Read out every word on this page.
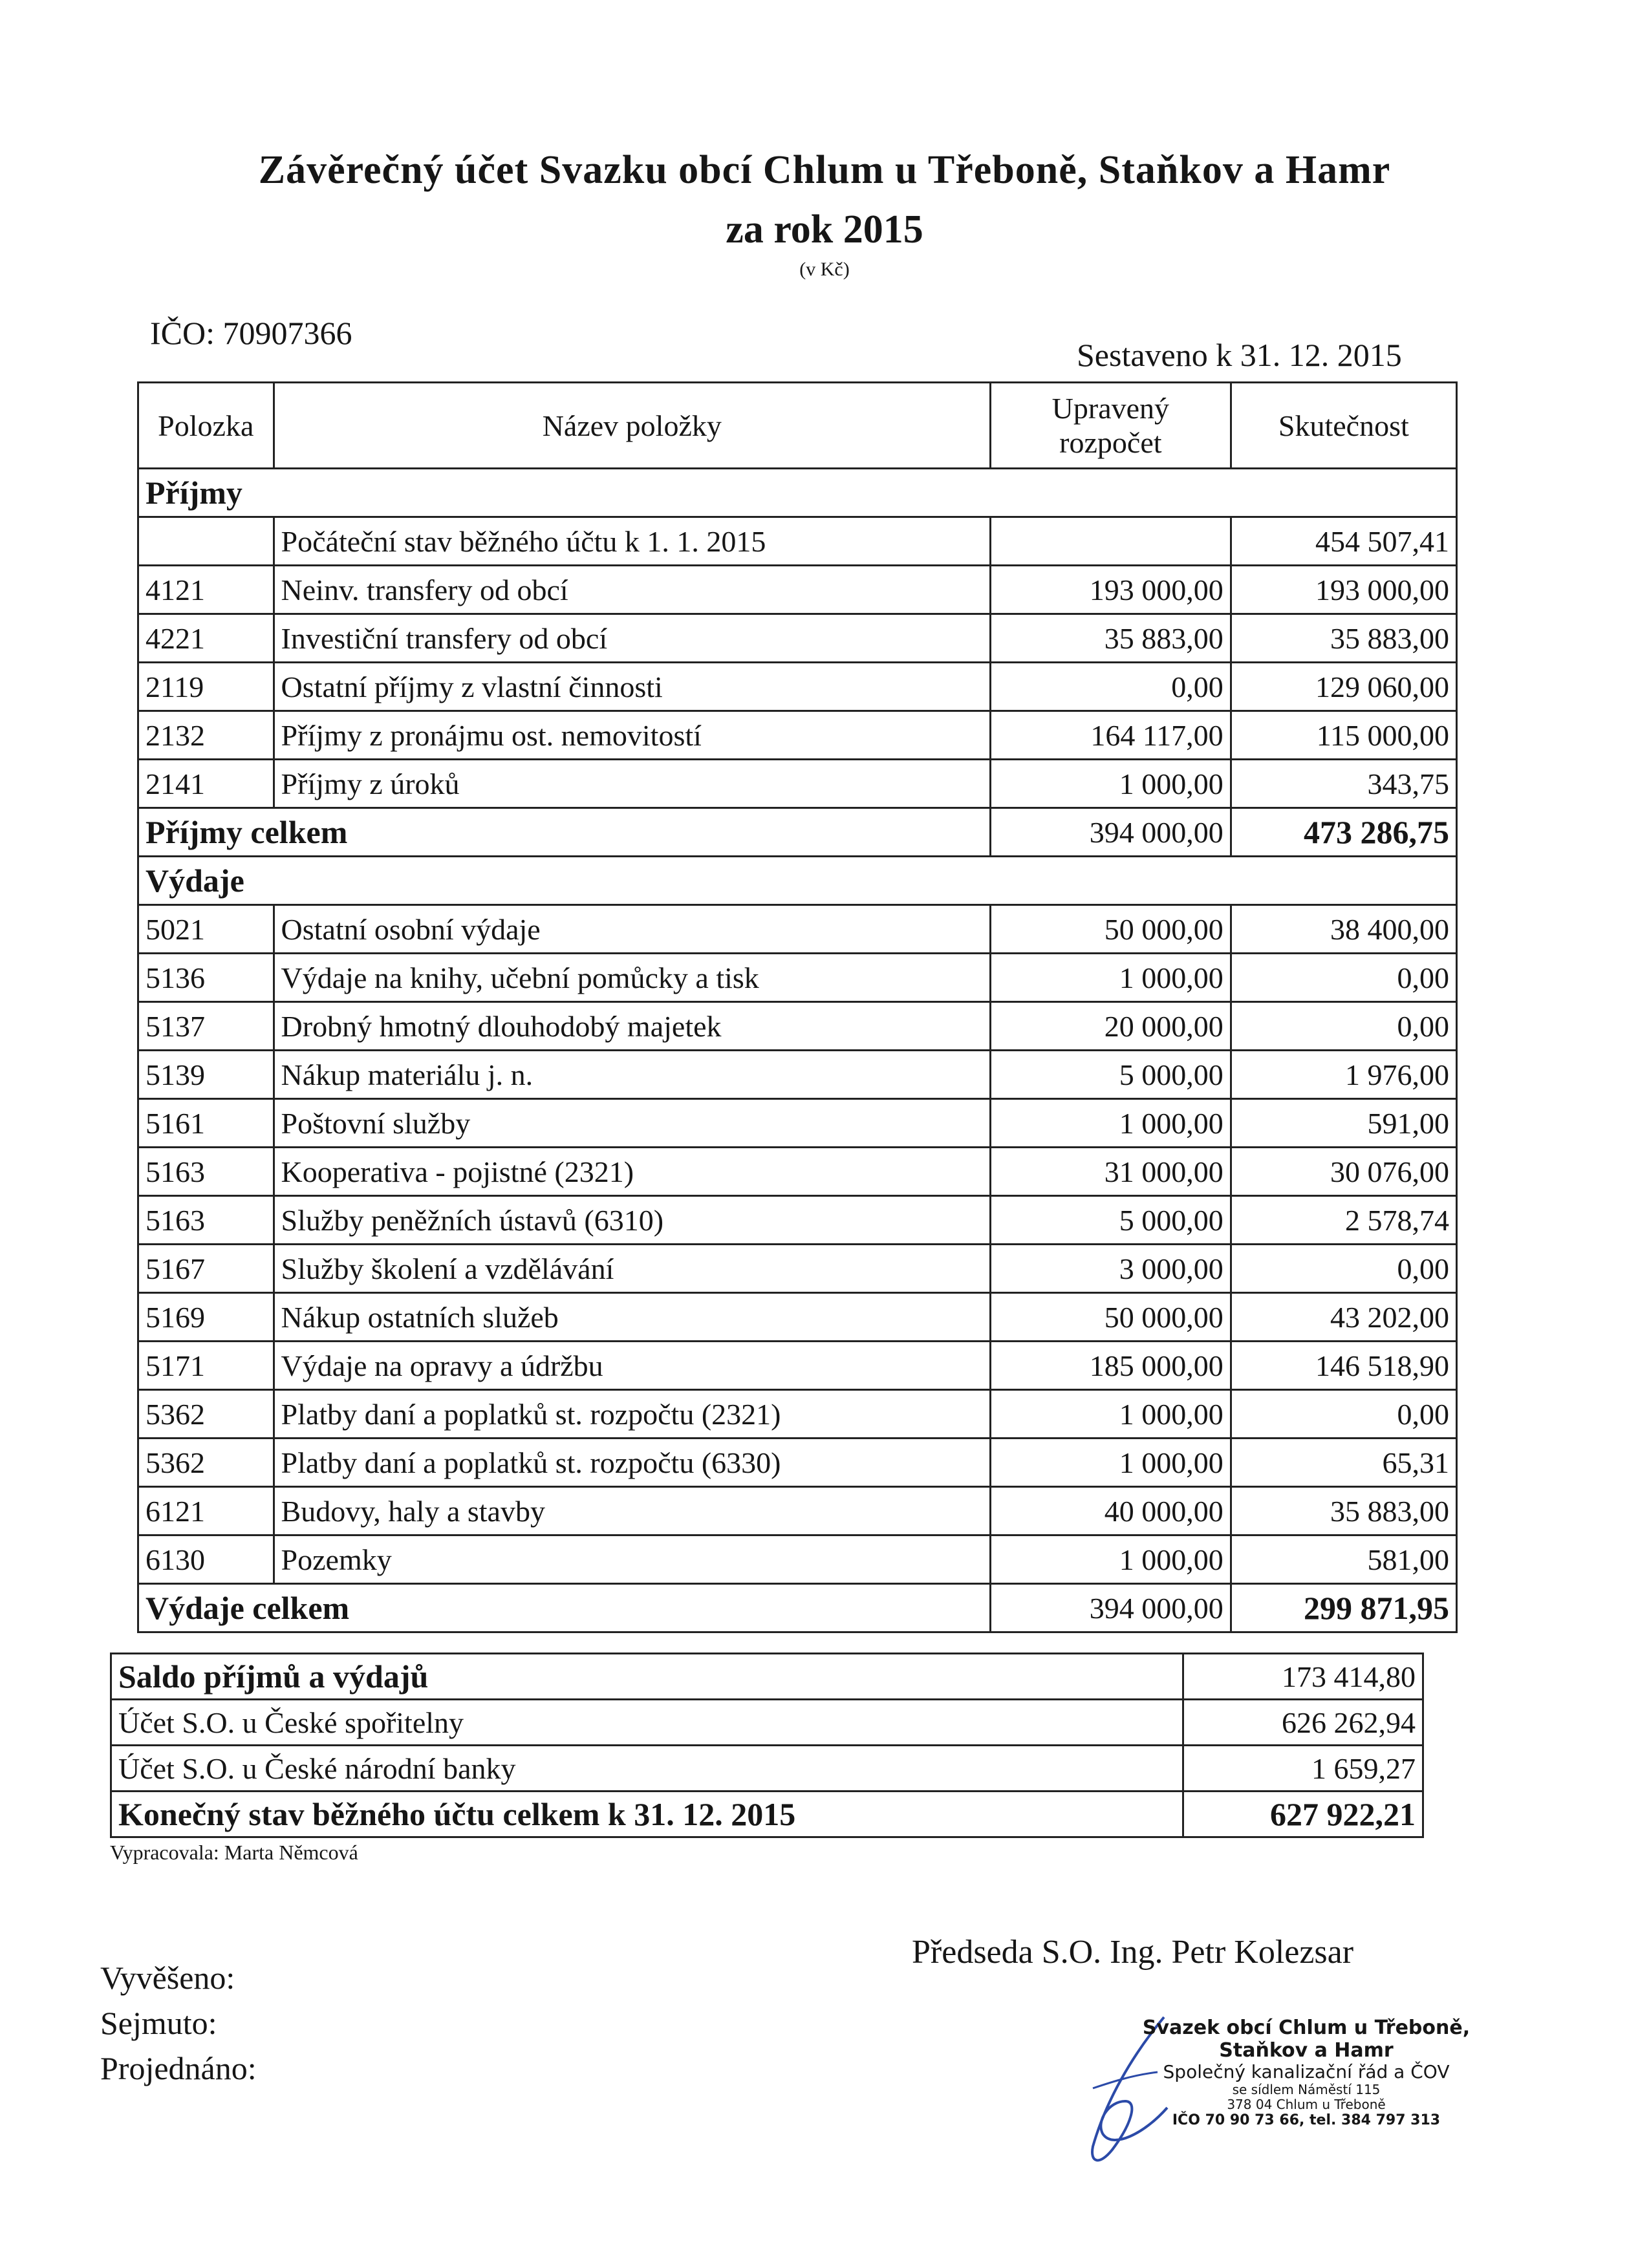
Závěrečný účet Svazku obcí Chlum u Třeboně, Staňkov a Hamr
za rok 2015
(v Kč)
IČO: 70907366
Sestaveno k 31. 12. 2015
Polozka	Název položky	Upravený rozpočet	Skutečnost
Příjmy			
	Počáteční stav běžného účtu k 1. 1. 2015		454 507,41
4121	Neinv. transfery od obcí	193 000,00	193 000,00
4221	Investiční transfery od obcí	35 883,00	35 883,00
2119	Ostatní příjmy z vlastní činnosti	0,00	129 060,00
2132	Příjmy z pronájmu ost. nemovitostí	164 117,00	115 000,00
2141	Příjmy z úroků	1 000,00	343,75
Příjmy celkem		394 000,00	473 286,75
Výdaje			
5021	Ostatní osobní výdaje	50 000,00	38 400,00
5136	Výdaje na knihy, učební pomůcky a tisk	1 000,00	0,00
5137	Drobný hmotný dlouhodobý majetek	20 000,00	0,00
5139	Nákup materiálu j. n.	5 000,00	1 976,00
5161	Poštovní služby	1 000,00	591,00
5163	Kooperativa - pojistné (2321)	31 000,00	30 076,00
5163	Služby peněžních ústavů (6310)	5 000,00	2 578,74
5167	Služby školení a vzdělávání	3 000,00	0,00
5169	Nákup ostatních služeb	50 000,00	43 202,00
5171	Výdaje na opravy a údržbu	185 000,00	146 518,90
5362	Platby daní a poplatků st. rozpočtu (2321)	1 000,00	0,00
5362	Platby daní a poplatků st. rozpočtu (6330)	1 000,00	65,31
6121	Budovy, haly a stavby	40 000,00	35 883,00
6130	Pozemky	1 000,00	581,00
Výdaje celkem		394 000,00	299 871,95
Saldo příjmů a výdajů	173 414,80
Účet S.O. u České spořitelny	626 262,94
Účet S.O. u České národní banky	1 659,27
Konečný stav běžného účtu celkem k 31. 12. 2015	627 922,21
Vypracovala: Marta Němcová
Předseda S.O. Ing. Petr Kolezsar
Vyvěšeno:
Sejmuto:
Projednáno:
Svazek obcí Chlum u Třeboně,
Staňkov a Hamr
Společný kanalizační řád a ČOV
se sídlem Náměstí 115
378 04 Chlum u Třeboně
IČO 70 90 73 66, tel. 384 797 313
